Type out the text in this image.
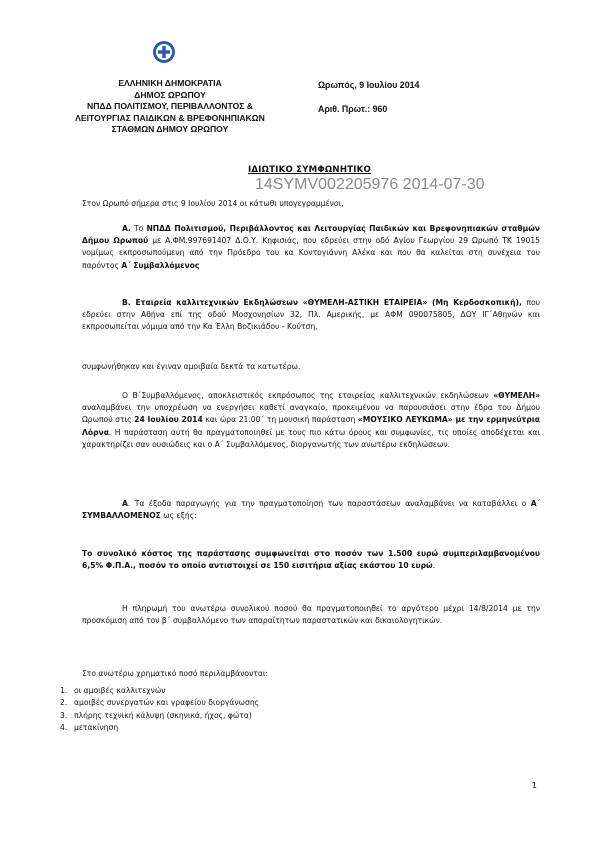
ΕΛΛΗΝΙΚΗ ΔΗΜΟΚΡΑΤΙΑ
ΔΗΜΟΣ ΩΡΩΠΟΥ
ΝΠΔΔ ΠΟΛΙΤΙΣΜΟΥ, ΠΕΡΙΒΑΛΛΟΝΤΟΣ &
ΛΕΙΤΟΥΡΓΙΑΣ ΠΑΙΔΙΚΩΝ & ΒΡΕΦΟΝΗΠΙΑΚΩΝ
ΣΤΑΘΜΩΝ ΔΗΜΟΥ ΩΡΩΠΟΥ
Ωρωπός, 9 Ιουλίου 2014
Αριθ. Πρωτ.: 960
ΙΔΙΩΤΙΚΟ ΣΥΜΦΩΝΗΤΙΚΟ
14SYMV002205976 2014-07-30
Στον Ωρωπό σήμερα στις 9 Ιουλίου 2014 οι κάτωθι υπογεγραμμένοι,
Α. Το ΝΠΔΔ Πολιτισμού, Περιβάλλοντος και Λειτουργίας Παιδικών και Βρεφονηπιακών σταθμών Δήμου Ωρωπού με Α.ΦΜ.997691407 Δ.Ο.Υ. Κηφισιάς, που εδρεύει στην οδό Αγίου Γεωργίου 29 Ωρωπό ΤΚ 19015 νομίμως εκπροσωπούμενη από την Πρόεδρο του κα Κοντογιάννη Αλέκα και που θα καλείται στη συνέχεια του παρόντος Α΄ Συμβαλλόμενος
Β. Εταιρεία καλλιτεχνικών Εκδηλώσεων «ΘΥΜΕΛΗ-ΑΣΤΙΚΗ ΕΤΑΙΡΕΙΑ» (Μη Κερδοσκοπική), που εδρεύει στην Αθήνα επί της οδού Μοσχονησίων 32, Πλ. Αμερικής, με ΑΦΜ 090075805, ΔΟΥ ΙΓ΄Αθηνών και εκπροσωπείται νόμιμα από την Κα Έλλη Βοζικιάδου - Κούτση,
συμφωνήθηκαν και έγιναν αμοιβαία δεκτά τα κατωτέρω.
Ο Β΄Συμβαλλόμενος, αποκλειστικός εκπρόσωπος της εταιρείας καλλιτεχνικών εκδηλώσεων «ΘΥΜΕΛΗ» αναλαμβάνει την υποχρέωση να ενεργήσει καθετί αναγκαίο, προκειμένου να παρουσιάσει στην έδρα του Δήμου Ωρωπού στις 24 Ιουλίου 2014 και ώρα 21.00΄ τη μουσική παράσταση «ΜΟΥΣΙΚΟ ΛΕΥΚΩΜΑ» με την ερμηνεύτρια Λόρνα. Η παράσταση αυτή θα πραγματοποιηθεί με τους πιο κάτω όρους και συμφωνίες, τις οποίες αποδέχεται και χαρακτηρίζει σαν ουσιώδεις και ο Α΄ Συμβαλλόμενος, διοργανωτής των ανωτέρω εκδηλώσεων.
Α. Τα έξοδα παραγωγής για την πραγματοποίηση των παραστάσεων αναλαμβάνει να καταβάλλει ο Α΄ ΣΥΜΒΑΛΛΟΜΕΝΟΣ ως εξής:
Το συνολικό κόστος της παράστασης συμφωνείται στο ποσόν των 1.500 ευρώ συμπεριλαμβανομένου 6,5% Φ.Π.Α., ποσόν το οποίο αντιστοιχεί σε 150 εισιτήρια αξίας εκάστου 10 ευρώ.
Η πληρωμή του ανωτέρω συνολικού ποσού θα πραγματοποιηθεί το αργότερο μέχρι 14/8/2014 με την προσκόμιση από τον β΄ συμβαλλόμενο των απαραίτητων παραστατικών και δικαιολογητικών.
Στο ανωτέρω χρηματικό ποσό περιλαμβάνονται:
1. οι αμοιβές καλλιτεχνών
2. αμοιβές συνεργατών και γραφείου διοργάνωσης
3. πλήρης τεχνική κάλυψη (σκηνικά, ήχος, φώτα)
4. μετακίνηση
1
